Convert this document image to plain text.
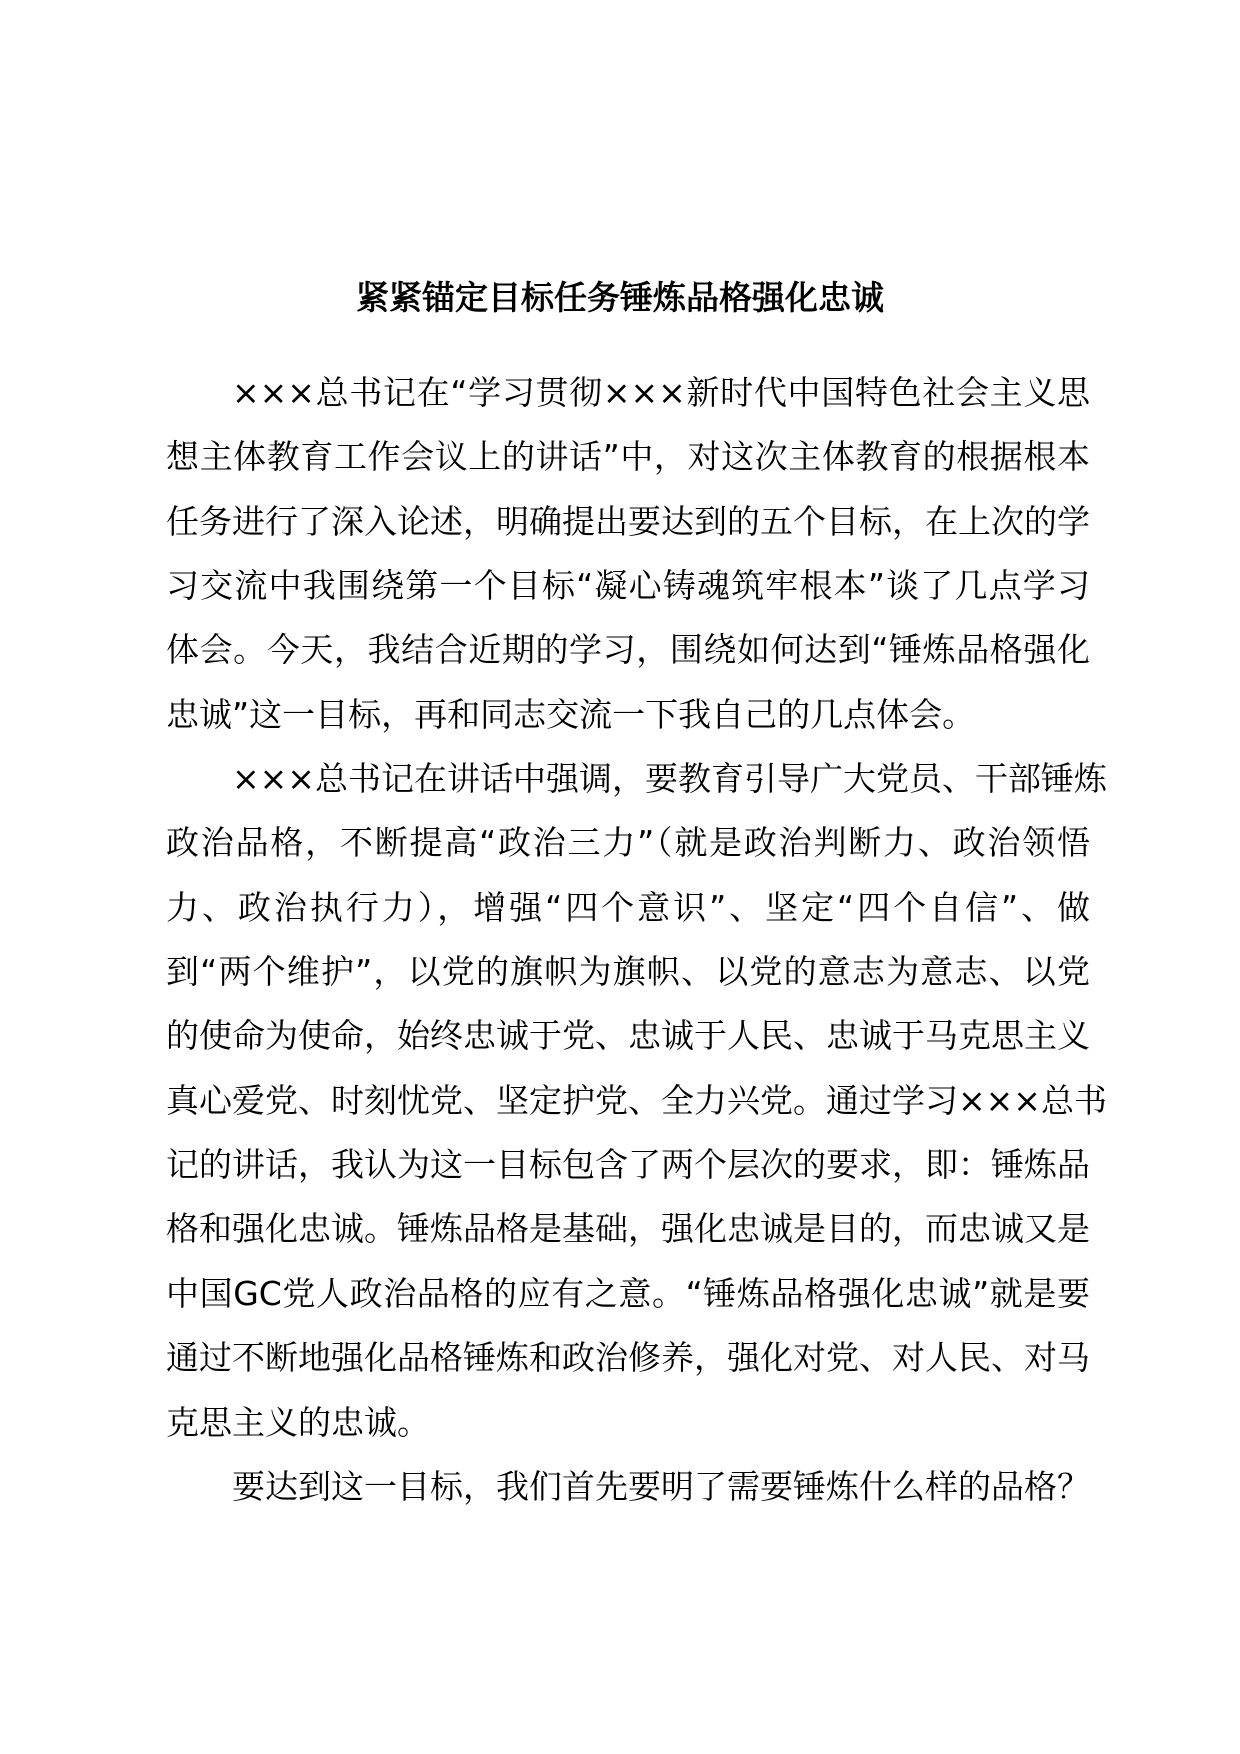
紧紧锚定目标任务锤炼品格强化忠诚
×××总书记在“学习贯彻×××新时代中国特色社会主义思
想主体教育工作会议上的讲话”中，对这次主体教育的根据根本
任务进行了深入论述，明确提出要达到的五个目标，在上次的学
习交流中我围绕第一个目标“凝心铸魂筑牢根本”谈了几点学习
体会。今天，我结合近期的学习，围绕如何达到“锤炼品格强化
忠诚”这一目标，再和同志交流一下我自己的几点体会。
×××总书记在讲话中强调，要教育引导广大党员、干部锤炼
政治品格，不断提高“政治三力”（就是政治判断力、政治领悟
力、政治执行力），增强“四个意识”、坚定“四个自信”、做
到“两个维护”，以党的旗帜为旗帜、以党的意志为意志、以党
的使命为使命，始终忠诚于党、忠诚于人民、忠诚于马克思主义
真心爱党、时刻忧党、坚定护党、全力兴党。通过学习×××总书
记的讲话，我认为这一目标包含了两个层次的要求，即：锤炼品
格和强化忠诚。锤炼品格是基础，强化忠诚是目的，而忠诚又是
中国GC党人政治品格的应有之意。“锤炼品格强化忠诚”就是要
通过不断地强化品格锤炼和政治修养，强化对党、对人民、对马
克思主义的忠诚。
要达到这一目标，我们首先要明了需要锤炼什么样的品格？
